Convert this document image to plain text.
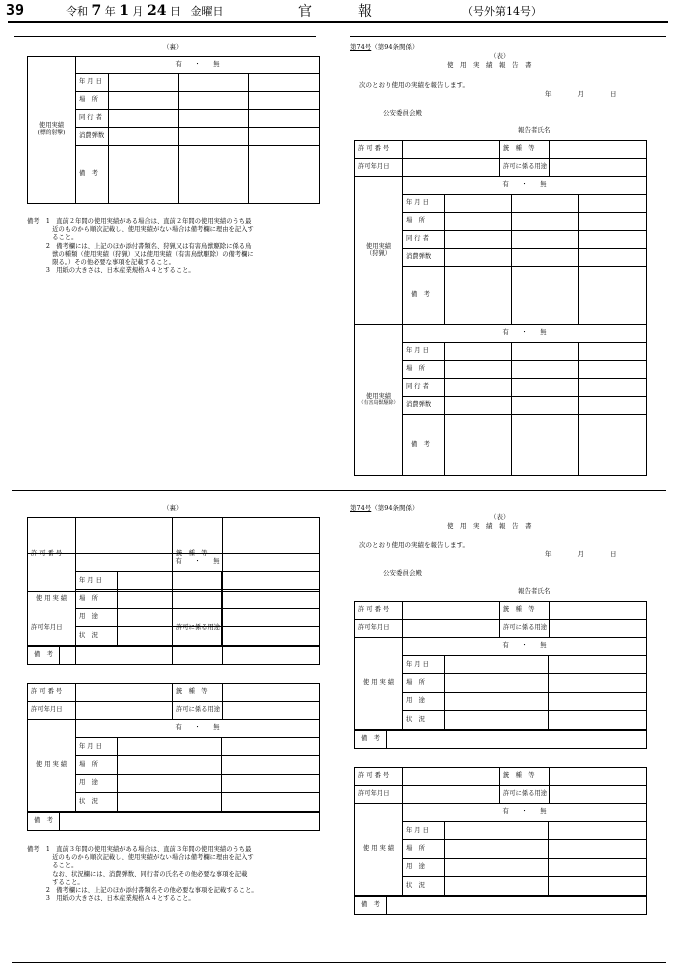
39	令和 7 年 1 月 24 日 金曜日	官	報	（号外第14号）
（裏）
使用実績
(標的射撃)	有　　・　　無			
	年 月 日			
	場　所			
	同 行 者			
	消費弾数			
	備　考			
備考　1　直前２年間の使用実績がある場合は、直前２年間の使用実績のうち最
　　　　近のものから順次記載し、使用実績がない場合は備考欄に理由を記入す
　　　　ること。
　　　2　備考欄には、上記のほか添付書類名、狩猟又は有害鳥獣駆除に係る鳥
　　　　獣の種類（使用実績（狩猟）又は使用実績（有害鳥獣駆除）の備考欄に
　　　　限る。）その他必要な事項を記載すること。
　　　3　用紙の大きさは、日本産業規格Ａ４とすること。
第74号（第94条関係）
（表）
使　用　実　績　報　告　書
次のとおり使用の実績を報告します。
年　　　　月　　　　日
公安委員会殿
報告者氏名
許 可 番 号		銃　種　等	
許可年月日		許可に係る用途	
使用実績
（狩猟）	有　　・　　無			
	年 月 日			
	場　所			
	同 行 者			
	消費弾数			
	備　考			
使用実績
（有害鳥獣駆除）	有　　・　　無			
	年 月 日			
	場　所			
	同 行 者			
	消費弾数			
	備　考			
（裏）
許 可 番 号		銃　種　等	
許可年月日		許可に係る用途	
使 用 実 績	有　　・　　無		
	年 月 日		
	場　所		
	用　途		
	状　況		
備　考	
許 可 番 号		銃　種　等	
許可年月日		許可に係る用途	
使 用 実 績	有　　・　　無		
	年 月 日		
	場　所		
	用　途		
	状　況		
備　考	
備考　1　直前３年間の使用実績がある場合は、直前３年間の使用実績のうち最
　　　　近のものから順次記載し、使用実績がない場合は備考欄に理由を記入す
　　　　ること。
　　　　なお、状況欄には、消費弾数、同行者の氏名その他必要な事項を記載
　　　　すること。
　　　2　備考欄には、上記のほか添付書類名その他必要な事項を記載すること。
　　　3　用紙の大きさは、日本産業規格Ａ４とすること。
第74号（第94条関係）
（表）
使　用　実　績　報　告　書
次のとおり使用の実績を報告します。
年　　　　月　　　　日
公安委員会殿
報告者氏名
許 可 番 号		銃　種　等	
許可年月日		許可に係る用途	
使 用 実 績	有　　・　　無		
	年 月 日		
	場　所		
	用　途		
	状　況		
備　考	
許 可 番 号		銃　種　等	
許可年月日		許可に係る用途	
使 用 実 績	有　　・　　無		
	年 月 日		
	場　所		
	用　途		
	状　況		
備　考	
